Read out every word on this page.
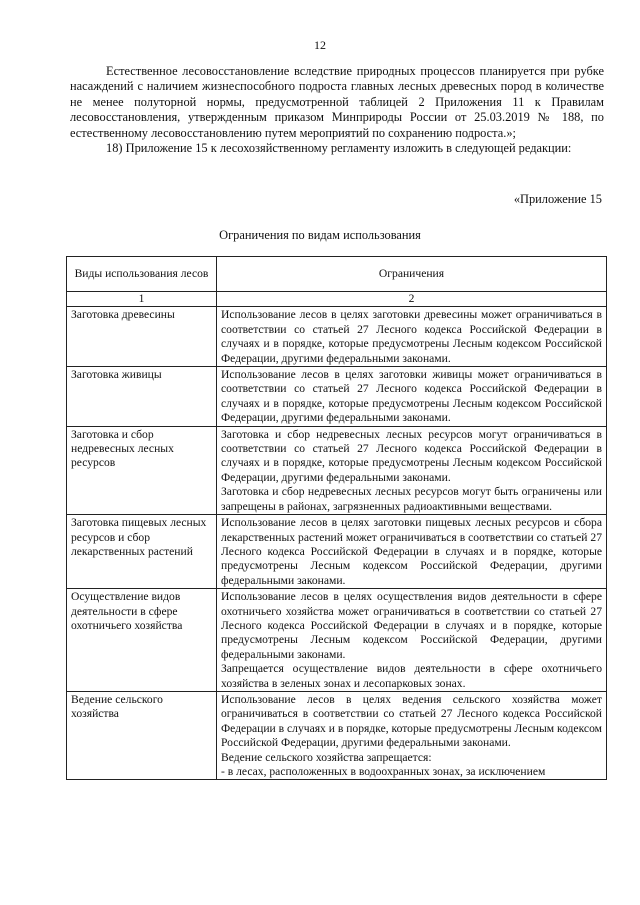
12

Естественное лесовосстановление вследствие природных процессов планируется при рубке насаждений с наличием жизнеспособного подроста главных лесных древесных пород в количестве не менее полуторной нормы, предусмотренной таблицей 2 Приложения 11 к Правилам лесовосстановления, утвержденным приказом Минприроды России от 25.03.2019 № 188, по естественному лесовосстановлению путем мероприятий по сохранению подроста.»;

18) Приложение 15 к лесохозяйственному регламенту изложить в следующей редакции:

«Приложение 15
Ограничения по видам использования
Виды использования лесов	Ограничения
1	2
Заготовка древесины	Использование лесов в целях заготовки древесины может ограничиваться в соответствии со статьей 27 Лесного кодекса Российской Федерации в случаях и в порядке, которые предусмотрены Лесным кодексом Российской Федерации, другими федеральными законами.

Заготовка живицы	Использование лесов в целях заготовки живицы может ограничиваться в соответствии со статьей 27 Лесного кодекса Российской Федерации в случаях и в порядке, которые предусмотрены Лесным кодексом Российской Федерации, другими федеральными законами.

Заготовка и сбор недревесных лесных ресурсов	Заготовка и сбор недревесных лесных ресурсов могут ограничиваться в соответствии со статьей 27 Лесного кодекса Российской Федерации в случаях и в порядке, которые предусмотрены Лесным кодексом Российской Федерации, другими федеральными законами.
Заготовка и сбор недревесных лесных ресурсов могут быть ограничены или запрещены в районах, загрязненных радиоактивными веществами.

Заготовка пищевых лесных ресурсов и сбор лекарственных растений	Использование лесов в целях заготовки пищевых лесных ресурсов и сбора лекарственных растений может ограничиваться в соответствии со статьей 27 Лесного кодекса Российской Федерации в случаях и в порядке, которые предусмотрены Лесным кодексом Российской Федерации, другими федеральными законами.

Осуществление видов деятельности в сфере охотничьего хозяйства	Использование лесов в целях осуществления видов деятельности в сфере охотничьего хозяйства может ограничиваться в соответствии со статьей 27 Лесного кодекса Российской Федерации в случаях и в порядке, которые предусмотрены Лесным кодексом Российской Федерации, другими федеральными законами.
Запрещается осуществление видов деятельности в сфере охотничьего хозяйства в зеленых зонах и лесопарковых зонах.

Ведение сельского хозяйства	Использование лесов в целях ведения сельского хозяйства может ограничиваться в соответствии со статьей 27 Лесного кодекса Российской Федерации в случаях и в порядке, которые предусмотрены Лесным кодексом Российской Федерации, другими федеральными законами.
Ведение сельского хозяйства запрещается:
- в лесах, расположенных в водоохранных зонах, за исключением
